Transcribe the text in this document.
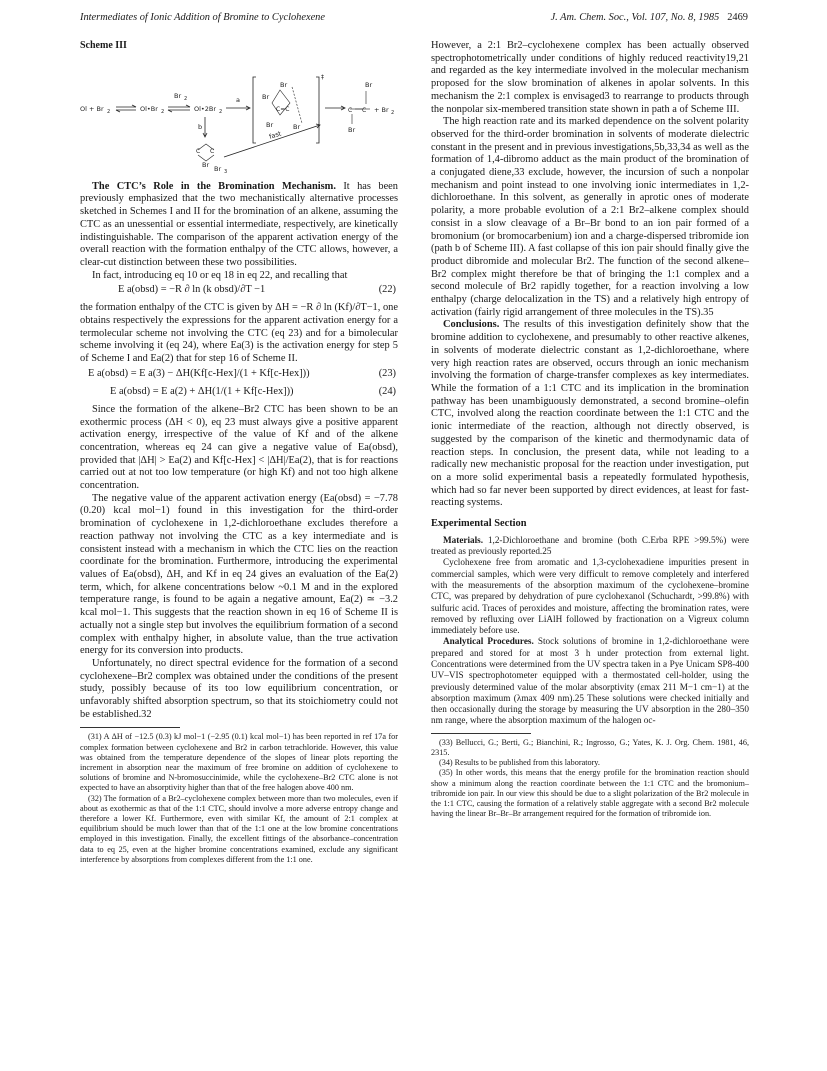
Intermediates of Ionic Addition of Bromine to Cyclohexene	J. Am. Chem. Soc., Vol. 107, No. 8, 1985 2469
Scheme III
Ol + Br 2	Ol•Br 2
Br 2
Ol•2Br 2
a
‡
Br
Br
C=C
Br	Br
Br
C C
Br
+ Br 2
b
C C
Br Br 3
fast

The CTC’s Role in the Bromination Mechanism. It has been previously emphasized that the two mechanistically alternative processes sketched in Schemes I and II for the bromination of an alkene, assuming the CTC as an unessential or essential intermediate, respectively, are kinetically indistinguishable. The comparison of the apparent activation energy of the overall reaction with the formation enthalpy of the CTC allows, however, a clear-cut distinction between these two possibilities.

In fact, introducing eq 10 or eq 18 in eq 22, and recalling that

E a(obsd) = −R ∂ ln (k obsd)/∂T −1	(22)

the formation enthalpy of the CTC is given by ΔH = −R ∂ ln (Kf)/∂T−1, one obtains respectively the expressions for the apparent activation energy for a termolecular scheme not involving the CTC (eq 23) and for a bimolecular scheme involving it (eq 24), where Ea(3) is the activation energy for step 5 of Scheme I and Ea(2) that for step 16 of Scheme II.

E a(obsd) = E a(3) − ΔH(Kf[c-Hex]/(1 + Kf[c-Hex]))	(23)
E a(obsd) = E a(2) + ΔH(1/(1 + Kf[c-Hex]))	(24)

Since the formation of the alkene–Br2 CTC has been shown to be an exothermic process (ΔH < 0), eq 23 must always give a positive apparent activation energy, irrespective of the value of Kf and of the alkene concentration, whereas eq 24 can give a negative value of Ea(obsd), provided that |ΔH| > Ea(2) and Kf[c-Hex] < |ΔH|/Ea(2), that is for reactions carried out at not too low temperature (or high Kf) and not too high alkene concentration.

The negative value of the apparent activation energy (Ea(obsd) = −7.78 (0.20) kcal mol−1) found in this investigation for the third-order bromination of cyclohexene in 1,2-dichloroethane excludes therefore a reaction pathway not involving the CTC as a key intermediate and is consistent instead with a mechanism in which the CTC lies on the reaction coordinate for the bromination. Furthermore, introducing the experimental values of Ea(obsd), ΔH, and Kf in eq 24 gives an evaluation of the Ea(2) term, which, for alkene concentrations below ~0.1 M and in the explored temperature range, is found to be again a negative amount, Ea(2) ≃ −3.2 kcal mol−1. This suggests that the reaction shown in eq 16 of Scheme II is actually not a single step but involves the equilibrium formation of a second complex with enthalpy higher, in absolute value, than the true activation energy for its conversion into products.

Unfortunately, no direct spectral evidence for the formation of a second cyclohexene–Br2 complex was obtained under the conditions of the present study, possibly because of its too low equilibrium concentration, or unfavorably shifted absorption spectrum, so that its stoichiometry could not be established.32

(31) A ΔH of −12.5 (0.3) kJ mol−1 (−2.95 (0.1) kcal mol−1) has been reported in ref 17a for complex formation between cyclohexene and Br2 in carbon tetrachloride. However, this value was obtained from the temperature dependence of the slopes of linear plots reporting the increment in absorption near the maximum of free bromine on addition of cyclohexene to solutions of bromine and N-bromosuccinimide, while the cyclohexene–Br2 CTC alone is not expected to have an absorptivity higher than that of the free halogen above 400 nm.

(32) The formation of a Br2–cyclohexene complex between more than two molecules, even if about as exothermic as that of the 1:1 CTC, should involve a more adverse entropy change and therefore a lower Kf. Furthermore, even with similar Kf, the amount of 2:1 complex at equilibrium should be much lower than that of the 1:1 one at the low bromine concentrations employed in this investigation. Finally, the excellent fittings of the absorbance–concentration data to eq 25, even at the higher bromine concentrations examined, exclude any significant interference by absorptions from complexes different from the 1:1 one.

However, a 2:1 Br2–cyclohexene complex has been actually observed spectrophotometrically under conditions of highly reduced reactivity19,21 and regarded as the key intermediate involved in the molecular mechanism proposed for the slow bromination of alkenes in apolar solvents. In this mechanism the 2:1 complex is envisaged3 to rearrange to products through the nonpolar six-membered transition state shown in path a of Scheme III.

The high reaction rate and its marked dependence on the solvent polarity observed for the third-order bromination in solvents of moderate dielectric constant in the present and in previous investigations,5b,33,34 as well as the formation of 1,4-dibromo adduct as the main product of the bromination of a conjugated diene,33 exclude, however, the incursion of such a nonpolar mechanism and point instead to one involving ionic intermediates in 1,2-dichloroethane. In this solvent, as generally in aprotic ones of moderate polarity, a more probable evolution of a 2:1 Br2–alkene complex should consist in a slow cleavage of a Br–Br bond to an ion pair formed of a bromonium (or bromocarbenium) ion and a charge-dispersed tribromide ion (path b of Scheme III). A fast collapse of this ion pair should finally give the product dibromide and molecular Br2. The function of the second alkene–Br2 complex might therefore be that of bringing the 1:1 complex and a second molecule of Br2 rapidly together, for a reaction involving a low enthalpy (charge delocalization in the TS) and a relatively high entropy of activation (fairly rigid arrangement of three molecules in the TS).35

Conclusions. The results of this investigation definitely show that the bromine addition to cyclohexene, and presumably to other reactive alkenes, in solvents of moderate dielectric constant as 1,2-dichloroethane, where very high reaction rates are observed, occurs through an ionic mechanism involving the formation of charge-transfer complexes as key intermediates. While the formation of a 1:1 CTC and its implication in the bromination pathway has been unambiguously demonstrated, a second bromine–olefin CTC, involved along the reaction coordinate between the 1:1 CTC and the ionic intermediate of the reaction, although not directly observed, is suggested by the comparison of the kinetic and thermodynamic data of reaction steps. In conclusion, the present data, while not leading to a radically new mechanistic proposal for the reaction under investigation, put on a more solid experimental basis a repeatedly formulated hypothesis, which had so far never been supported by direct evidences, at least for fast-reacting systems.

Experimental Section

Materials. 1,2-Dichloroethane and bromine (both C.Erba RPE >99.5%) were treated as previously reported.25

Cyclohexene free from aromatic and 1,3-cyclohexadiene impurities present in commercial samples, which were very difficult to remove completely and interfered with the measurements of the absorption maximum of the cyclohexene–bromine CTC, was prepared by dehydration of pure cyclohexanol (Schuchardt, >99.8%) with sulfuric acid. Traces of peroxides and moisture, affecting the bromination rates, were removed by refluxing over LiAlH followed by fractionation on a Vigreux column immediately before use.

Analytical Procedures. Stock solutions of bromine in 1,2-dichloroethane were prepared and stored for at most 3 h under protection from external light. Concentrations were determined from the UV spectra taken in a Pye Unicam SP8-400 UV–VIS spectrophotometer equipped with a thermostated cell-holder, using the previously determined value of the molar absorptivity (εmax 211 M−1 cm−1) at the absorption maximum (λmax 409 nm).25 These solutions were checked initially and then occasionally during the storage by measuring the UV absorption in the 280–350 nm range, where the absorption maximum of the halogen oc-

(33) Bellucci, G.; Berti, G.; Bianchini, R.; Ingrosso, G.; Yates, K. J. Org. Chem. 1981, 46, 2315.

(34) Results to be published from this laboratory.

(35) In other words, this means that the energy profile for the bromination reaction should show a minimum along the reaction coordinate between the 1:1 CTC and the bromonium–tribromide ion pair. In our view this should be due to a slight polarization of the Br2 molecule in the 1:1 CTC, causing the formation of a relatively stable aggregate with a second Br2 molecule having the linear Br–Br–Br arrangement required for the formation of tribromide ion.
